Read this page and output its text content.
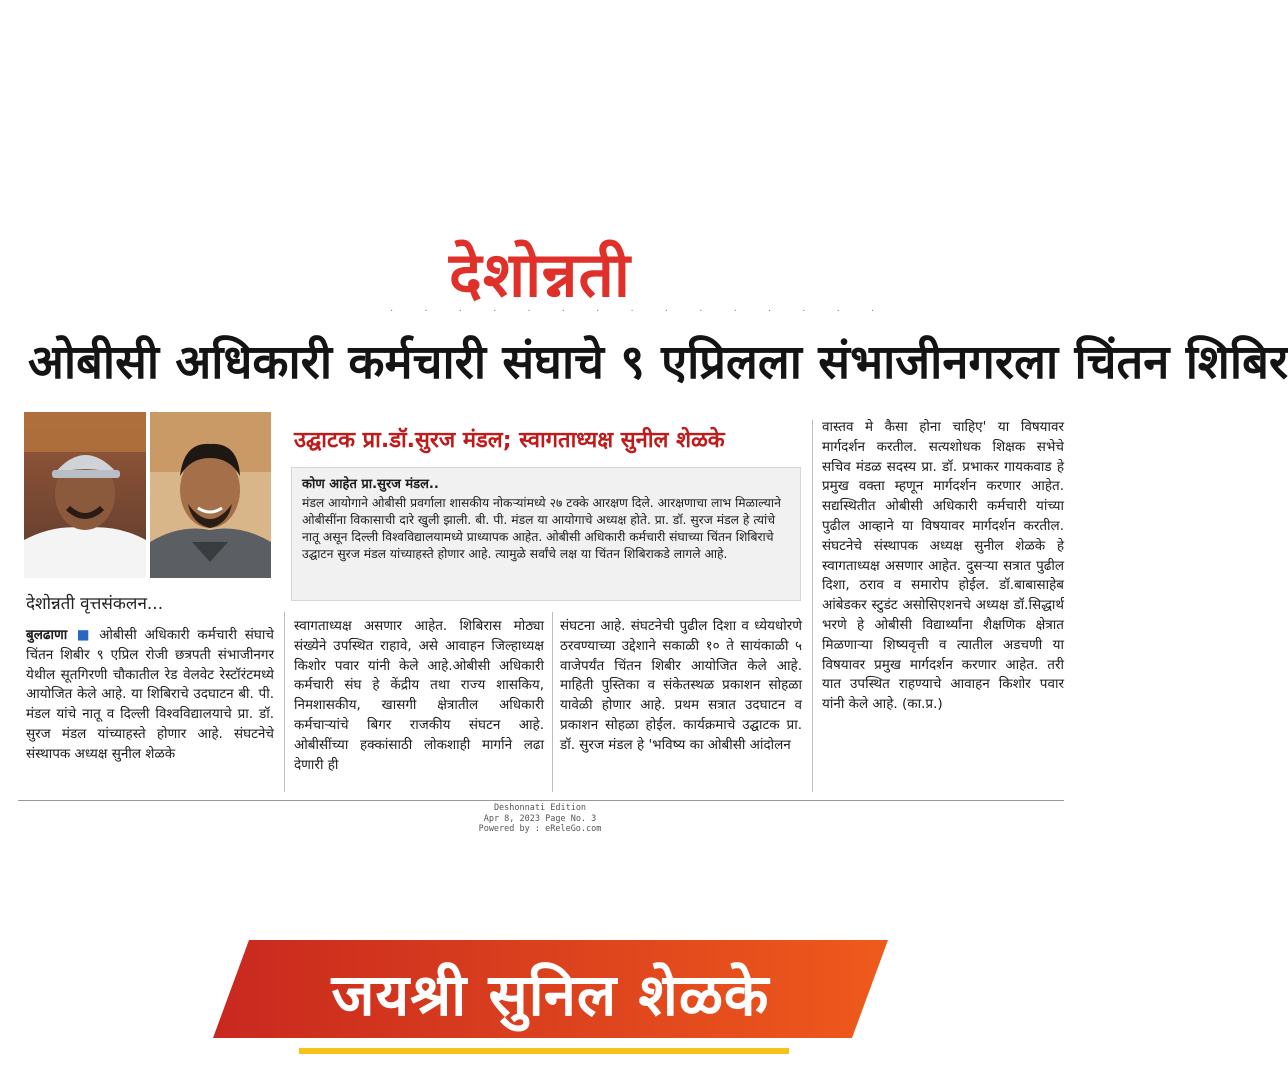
देशोन्नती
· · · · · · · · · · · · · · ·
ओबीसी अधिकारी कर्मचारी संघाचे ९ एप्रिलला संभाजीनगरला चिंतन शिबिर
देशोन्नती वृत्तसंकलन...
उद्घाटक प्रा.डॉ.सुरज मंडल; स्वागताध्यक्ष सुनील शेळके
कोण आहेत प्रा.सुरज मंडल..
मंडल आयोगाने ओबीसी प्रवर्गाला शासकीय नोकऱ्यांमध्ये २७ टक्के आरक्षण दिले. आरक्षणाचा लाभ मिळाल्याने ओबीसींना विकासाची दारे खुली झाली. बी. पी. मंडल या आयोगाचे अध्यक्ष होते. प्रा. डॉ. सुरज मंडल हे त्यांचे नातू असून दिल्ली विश्वविद्यालयामध्ये प्राध्यापक आहेत. ओबीसी अधिकारी कर्मचारी संघाच्या चिंतन शिबिराचे उद्घाटन सुरज मंडल यांच्याहस्ते होणार आहे. त्यामुळे सर्वांचे लक्ष या चिंतन शिबिराकडे लागले आहे.

बुलढाणा ■ ओबीसी अधिकारी कर्मचारी संघाचे चिंतन शिबीर ९ एप्रिल रोजी छत्रपती संभाजीनगर येथील सूतगिरणी चौकातील रेड वेलवेट रेस्टॉरंटमध्ये आयोजित केले आहे. या शिबिराचे उदघाटन बी. पी. मंडल यांचे नातू व दिल्ली विश्वविद्यालयाचे प्रा. डॉ. सुरज मंडल यांच्याहस्ते होणार आहे. संघटनेचे संस्थापक अध्यक्ष सुनील शेळके

स्वागताध्यक्ष असणार आहेत. शिबिरास मोठ्या संख्येने उपस्थित राहावे, असे आवाहन जिल्हाध्यक्ष किशोर पवार यांनी केले आहे.ओबीसी अधिकारी कर्मचारी संघ हे केंद्रीय तथा राज्य शासकिय, निमशासकीय, खासगी क्षेत्रातील अधिकारी कर्मचाऱ्यांचे बिगर राजकीय संघटन आहे. ओबीसींच्या हक्कांसाठी लोकशाही मार्गाने लढा देणारी ही

संघटना आहे. संघटनेची पुढील दिशा व ध्येयधोरणे ठरवण्याच्या उद्देशाने सकाळी १० ते सायंकाळी ५ वाजेपर्यंत चिंतन शिबीर आयोजित केले आहे. माहिती पुस्तिका व संकेतस्थळ प्रकाशन सोहळा यावेळी होणार आहे. प्रथम सत्रात उदघाटन व प्रकाशन सोहळा होईल. कार्यक्रमाचे उद्घाटक प्रा. डॉ. सुरज मंडल हे 'भविष्य का ओबीसी आंदोलन

वास्तव मे कैसा होना चाहिए' या विषयावर मार्गदर्शन करतील. सत्यशोधक शिक्षक सभेचे सचिव मंडळ सदस्य प्रा. डॉ. प्रभाकर गायकवाड हे प्रमुख वक्ता म्हणून मार्गदर्शन करणार आहेत. सद्यस्थितीत ओबीसी अधिकारी कर्मचारी यांच्या पुढील आव्हाने या विषयावर मार्गदर्शन करतील. संघटनेचे संस्थापक अध्यक्ष सुनील शेळके हे स्वागताध्यक्ष असणार आहेत. दुसऱ्या सत्रात पुढील दिशा, ठराव व समारोप होईल. डॉ.बाबासाहेब आंबेडकर स्टुडंट असोसिएशनचे अध्यक्ष डॉ.सिद्धार्थ भरणे हे ओबीसी विद्यार्थ्यांना शैक्षणिक क्षेत्रात मिळणाऱ्या शिष्यवृत्ती व त्यातील अडचणी या विषयावर प्रमुख मार्गदर्शन करणार आहेत. तरी यात उपस्थित राहण्याचे आवाहन किशोर पवार यांनी केले आहे. (का.प्र.)

Deshonnati Edition
Apr 8, 2023 Page No. 3
Powered by : eReleGo.com
जयश्री सुनिल शेळके
